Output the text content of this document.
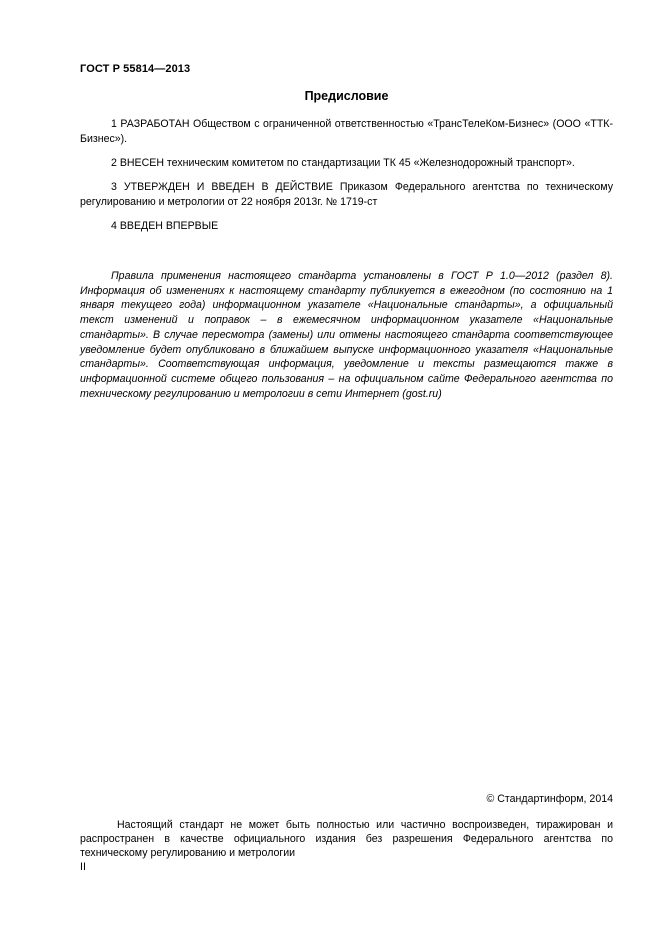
ГОСТ Р 55814—2013
Предисловие

1 РАЗРАБОТАН Обществом с ограниченной ответственностью «ТрансТелеКом-Бизнес» (ООО «ТТК-Бизнес»).

2 ВНЕСЕН техническим комитетом по стандартизации ТК 45 «Железнодорожный транспорт».

3 УТВЕРЖДЕН И ВВЕДЕН В ДЕЙСТВИЕ Приказом Федерального агентства по техническому регулированию и метрологии от 22 ноября 2013г. № 1719-ст

4 ВВЕДЕН ВПЕРВЫЕ

Правила применения настоящего стандарта установлены в ГОСТ Р 1.0—2012 (раздел 8). Информация об изменениях к настоящему стандарту публикуется в ежегодном (по состоянию на 1 января текущего года) информационном указателе «Национальные стандарты», а официальный текст изменений и поправок – в ежемесячном информационном указателе «Национальные стандарты». В случае пересмотра (замены) или отмены настоящего стандарта соответствующее уведомление будет опубликовано в ближайшем выпуске информационного указателя «Национальные стандарты». Соответствующая информация, уведомление и тексты размещаются также в информационной системе общего пользования – на официальном сайте Федерального агентства по техническому регулированию и метрологии в сети Интернет (gost.ru)

© Стандартинформ, 2014

Настоящий стандарт не может быть полностью или частично воспроизведен, тиражирован и распространен в качестве официального издания без разрешения Федерального агентства по техническому регулированию и метрологии

II
